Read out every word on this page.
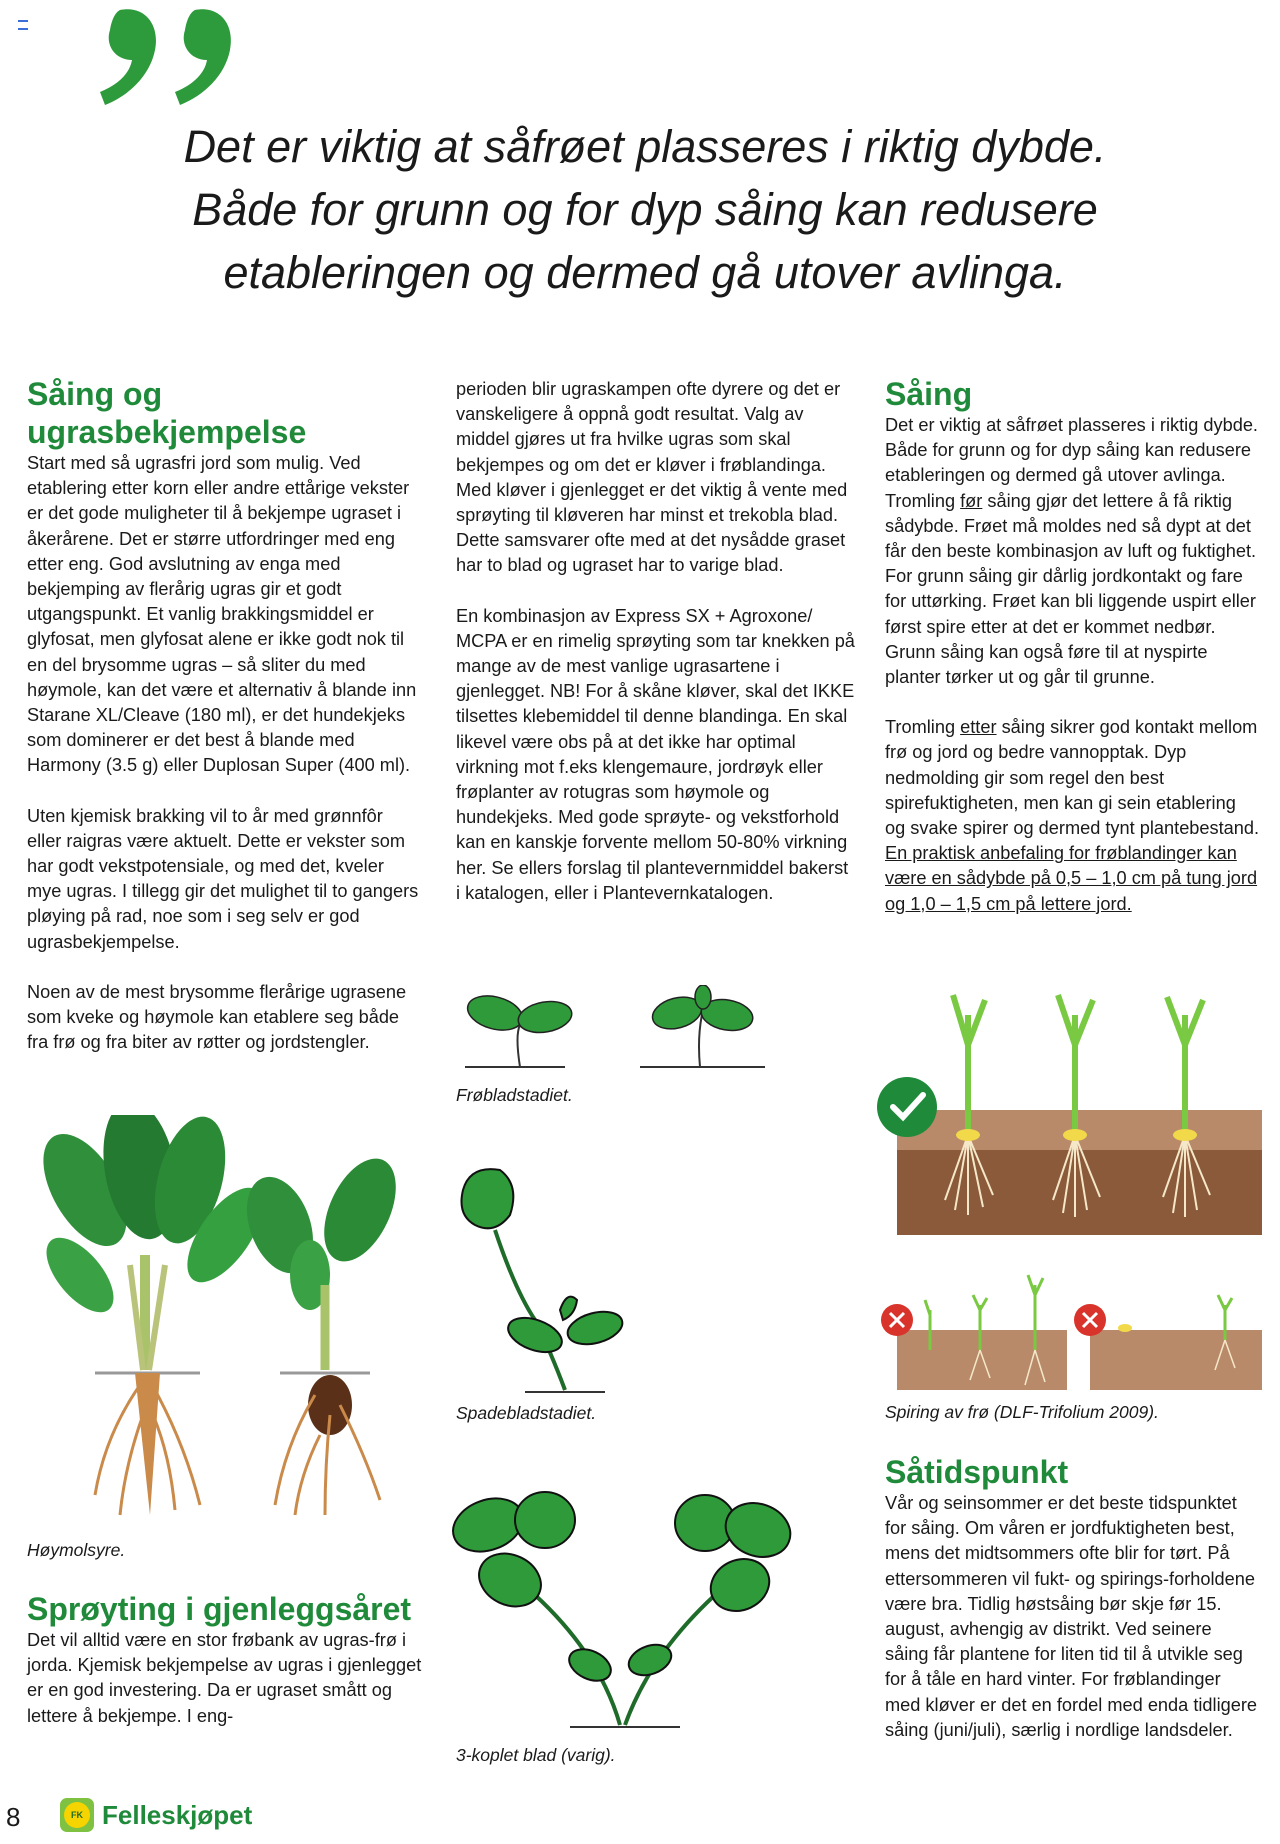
Det er viktig at såfrøet plasseres i riktig dybde.
Både for grunn og for dyp såing kan redusere
etableringen og dermed gå utover avlinga.
Såing og ugrasbekjempelse

Start med så ugrasfri jord som mulig. Ved etablering etter korn eller andre ettårige vekster er det gode muligheter til å bekjempe ugraset i åkerårene. Det er større utfordringer med eng etter eng. God avslutning av enga med bekjemping av flerårig ugras gir et godt utgangspunkt. Et vanlig brakkingsmiddel er glyfosat, men glyfosat alene er ikke godt nok til en del brysomme ugras – så sliter du med høymole, kan det være et alternativ å blande inn Starane XL/Cleave (180 ml), er det hundekjeks som dominerer er det best å blande med Harmony (3.5 g) eller Duplosan Super (400 ml).

Uten kjemisk brakking vil to år med grønnfôr eller raigras være aktuelt. Dette er vekster som har godt vekstpotensiale, og med det, kveler mye ugras. I tillegg gir det mulighet til to gangers pløying på rad, noe som i seg selv er god ugrasbekjempelse.

Noen av de mest brysomme flerårige ugrasene som kveke og høymole kan etablere seg både fra frø og fra biter av røtter og jordstengler.

Høymolsyre.
Sprøyting i gjenleggsåret

Det vil alltid være en stor frøbank av ugras-frø i jorda. Kjemisk bekjempelse av ugras i gjenlegget er en god investering. Da er ugraset smått og lettere å bekjempe. I eng-

perioden blir ugraskampen ofte dyrere og det er vanskeligere å oppnå godt resultat. Valg av middel gjøres ut fra hvilke ugras som skal bekjempes og om det er kløver i frøblandinga. Med kløver i gjenlegget er det viktig å vente med sprøyting til kløveren har minst et trekobla blad. Dette samsvarer ofte med at det nysådde graset har to blad og ugraset har to varige blad.

En kombinasjon av Express SX + Agroxone/ MCPA er en rimelig sprøyting som tar knekken på mange av de mest vanlige ugrasartene i gjenlegget. NB! For å skåne kløver, skal det IKKE tilsettes klebemiddel til denne blandinga. En skal likevel være obs på at det ikke har optimal virkning mot f.eks klengemaure, jordrøyk eller frøplanter av rotugras som høymole og hundekjeks. Med gode sprøyte- og vekstforhold kan en kanskje forvente mellom 50-80% virkning her. Se ellers forslag til plantevernmiddel bakerst i katalogen, eller i Plantevernkatalogen.

Frøbladstadiet.
Spadebladstadiet.
3-koplet blad (varig).
Såing

Det er viktig at såfrøet plasseres i riktig dybde. Både for grunn og for dyp såing kan redusere etableringen og dermed gå utover avlinga. Tromling før såing gjør det lettere å få riktig sådybde. Frøet må moldes ned så dypt at det får den beste kombinasjon av luft og fuktighet. For grunn såing gir dårlig jordkontakt og fare for uttørking. Frøet kan bli liggende uspirt eller først spire etter at det er kommet nedbør. Grunn såing kan også føre til at nyspirte planter tørker ut og går til grunne.

Tromling etter såing sikrer god kontakt mellom frø og jord og bedre vannopptak. Dyp nedmolding gir som regel den best spirefuktigheten, men kan gi sein etablering og svake spirer og dermed tynt plantebestand. En praktisk anbefaling for frøblandinger kan være en sådybde på 0,5 – 1,0 cm på tung jord og 1,0 – 1,5 cm på lettere jord.

Spiring av frø (DLF-Trifolium 2009).
Såtidspunkt

Vår og seinsommer er det beste tidspunktet for såing. Om våren er jordfuktigheten best, mens det midtsommers ofte blir for tørt. På ettersommeren vil fukt- og spirings-forholdene være bra. Tidlig høstsåing bør skje før 15. august, avhengig av distrikt. Ved seinere såing får plantene for liten tid til å utvikle seg for å tåle en hard vinter. For frøblandinger med kløver er det en fordel med enda tidligere såing (juni/juli), særlig i nordlige landsdeler.

8	FK Felleskjøpet
